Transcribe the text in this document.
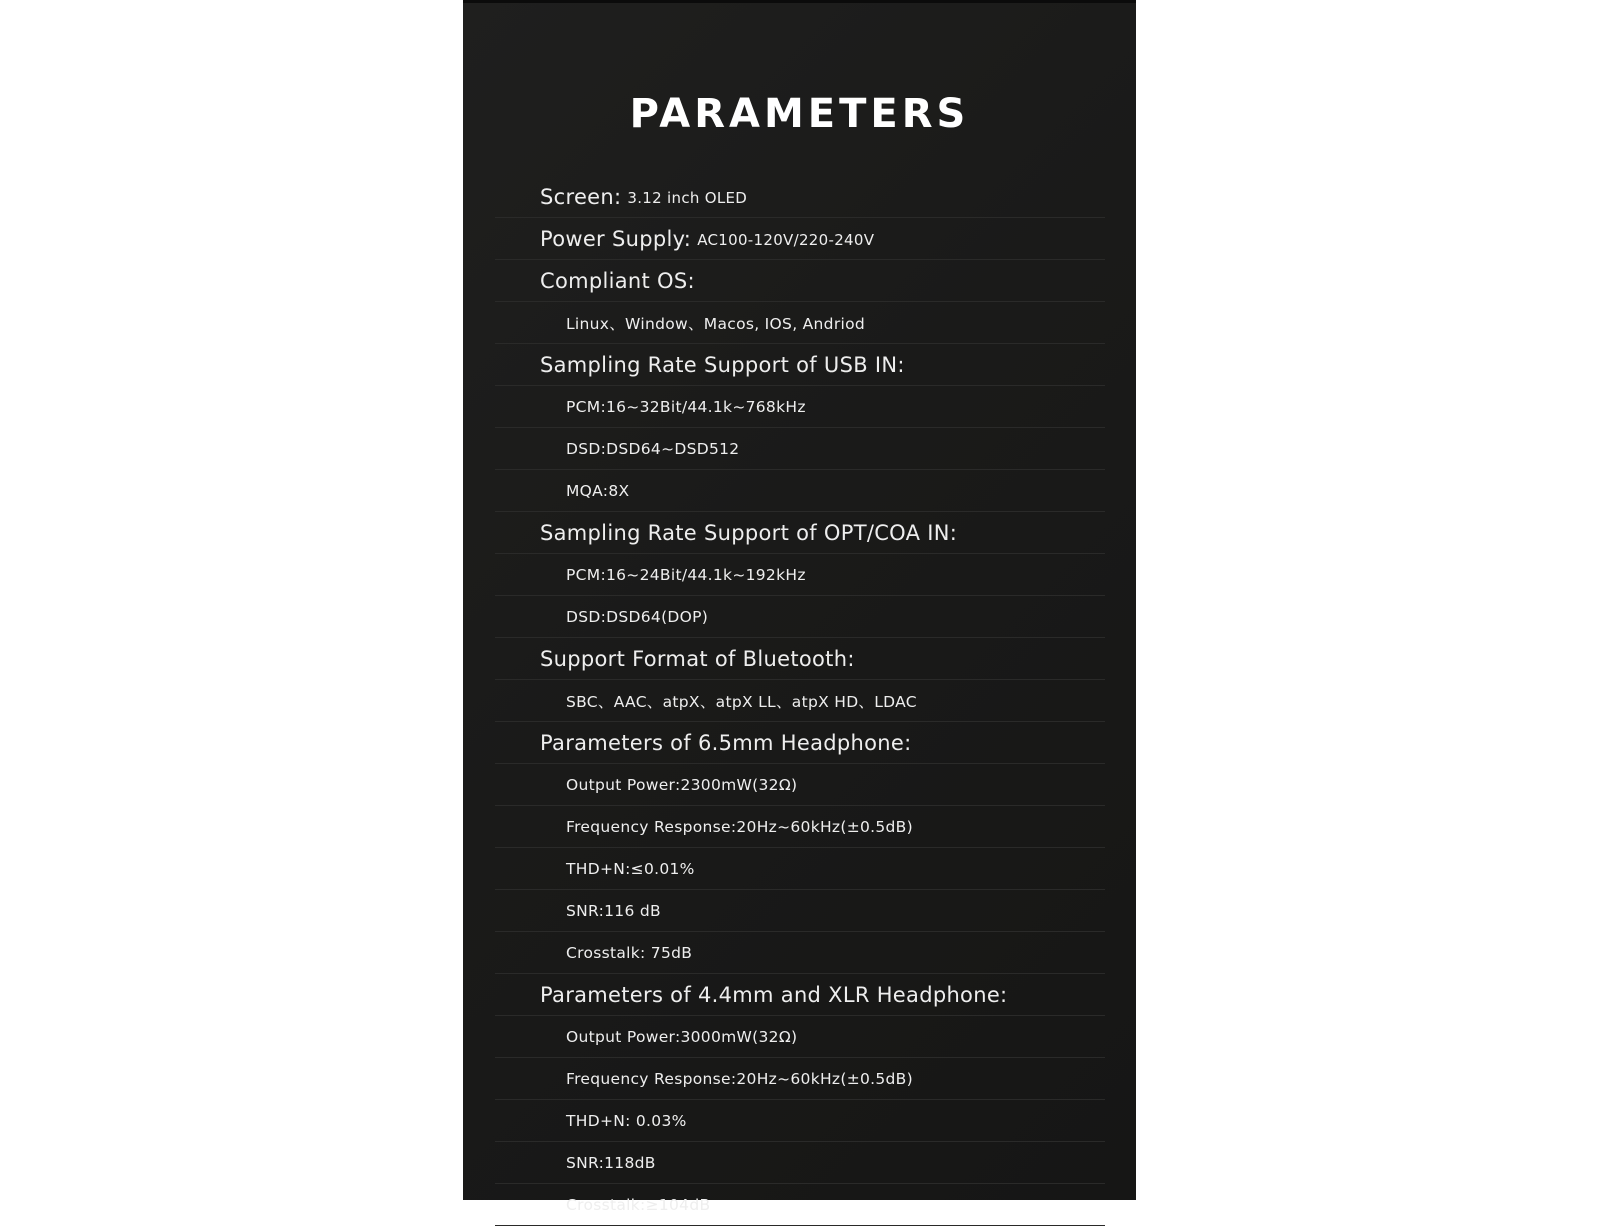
PARAMETERS
Screen: 3.12 inch OLED
Power Supply: AC100-120V/220-240V
Compliant OS:
Linux、Window、Macos, IOS, Andriod
Sampling Rate Support of USB IN:
PCM:16~32Bit/44.1k~768kHz
DSD:DSD64~DSD512
MQA:8X
Sampling Rate Support of OPT/COA IN:
PCM:16~24Bit/44.1k~192kHz
DSD:DSD64(DOP)
Support Format of Bluetooth:
SBC、AAC、atpX、atpX LL、atpX HD、LDAC
Parameters of 6.5mm Headphone:
Output Power:2300mW(32Ω)
Frequency Response:20Hz~60kHz(±0.5dB)
THD+N:≤0.01%
SNR:116 dB
Crosstalk: 75dB
Parameters of 4.4mm and XLR Headphone:
Output Power:3000mW(32Ω)
Frequency Response:20Hz~60kHz(±0.5dB)
THD+N: 0.03%
SNR:118dB
Crosstalk:≥104dB
